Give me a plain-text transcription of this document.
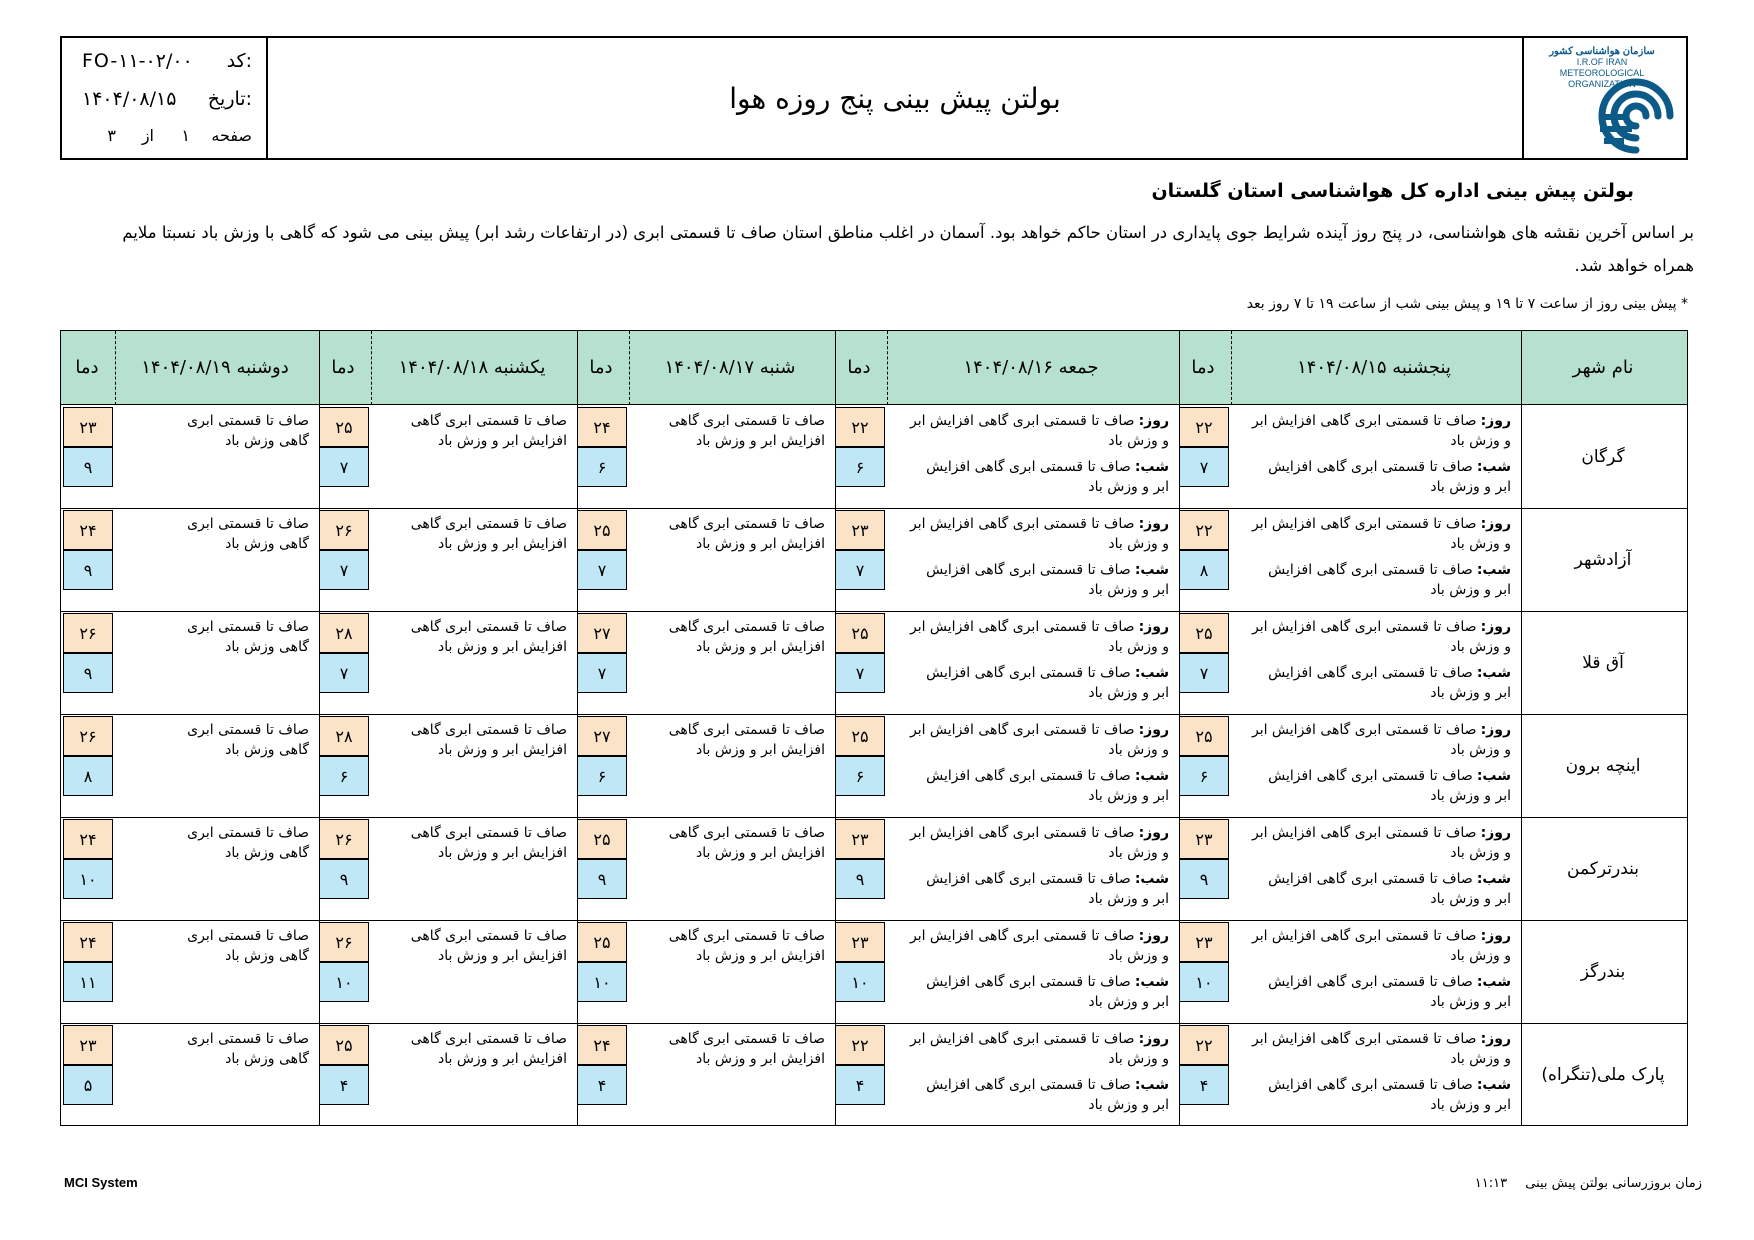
کد:
FO-۱۱-۰۲/۰۰
تاریخ:
۱۴۰۴/۰۸/۱۵
صفحه
۱
از
۳
بولتن پیش بینی پنج روزه هوا
سازمان هواشناسی کشور
I.R.OF IRAN
METEOROLOGICAL
ORGANIZATION
بولتن پیش بینی اداره کل هواشناسی استان گلستان
بر اساس آخرین نقشه های هواشناسی، در پنج روز آینده شرایط جوی پایداری در استان حاکم خواهد بود. آسمان در اغلب مناطق استان صاف تا قسمتی ابری (در ارتفاعات رشد ابر) پیش بینی می شود که گاهی با وزش باد نسبتا ملایم همراه خواهد شد.
* پیش بینی روز از ساعت ۷ تا ۱۹ و پیش بینی شب از ساعت ۱۹ تا ۷ روز بعد
نام شهر
پنجشنبه ۱۴۰۴/۰۸/۱۵
دما
جمعه ۱۴۰۴/۰۸/۱۶
دما
شنبه ۱۴۰۴/۰۸/۱۷
دما
یکشنبه ۱۴۰۴/۰۸/۱۸
دما
دوشنبه ۱۴۰۴/۰۸/۱۹
دما
گرگان
روز:صاف تا قسمتی ابری گاهی افزایش ابر و وزش باد
شب:صاف تا قسمتی ابری گاهی افزایش ابر و وزش باد
۲۲
۷
روز:صاف تا قسمتی ابری گاهی افزایش ابر و وزش باد
شب:صاف تا قسمتی ابری گاهی افزایش ابر و وزش باد
۲۲
۶
صاف تا قسمتی ابری گاهی افزایش ابر و وزش باد
۲۴
۶
صاف تا قسمتی ابری گاهی افزایش ابر و وزش باد
۲۵
۷
صاف تا قسمتی ابری گاهی وزش باد
۲۳
۹
آزادشهر
روز:صاف تا قسمتی ابری گاهی افزایش ابر و وزش باد
شب:صاف تا قسمتی ابری گاهی افزایش ابر و وزش باد
۲۲
۸
روز:صاف تا قسمتی ابری گاهی افزایش ابر و وزش باد
شب:صاف تا قسمتی ابری گاهی افزایش ابر و وزش باد
۲۳
۷
صاف تا قسمتی ابری گاهی افزایش ابر و وزش باد
۲۵
۷
صاف تا قسمتی ابری گاهی افزایش ابر و وزش باد
۲۶
۷
صاف تا قسمتی ابری گاهی وزش باد
۲۴
۹
آق قلا
روز:صاف تا قسمتی ابری گاهی افزایش ابر و وزش باد
شب:صاف تا قسمتی ابری گاهی افزایش ابر و وزش باد
۲۵
۷
روز:صاف تا قسمتی ابری گاهی افزایش ابر و وزش باد
شب:صاف تا قسمتی ابری گاهی افزایش ابر و وزش باد
۲۵
۷
صاف تا قسمتی ابری گاهی افزایش ابر و وزش باد
۲۷
۷
صاف تا قسمتی ابری گاهی افزایش ابر و وزش باد
۲۸
۷
صاف تا قسمتی ابری گاهی وزش باد
۲۶
۹
اینچه برون
روز:صاف تا قسمتی ابری گاهی افزایش ابر و وزش باد
شب:صاف تا قسمتی ابری گاهی افزایش ابر و وزش باد
۲۵
۶
روز:صاف تا قسمتی ابری گاهی افزایش ابر و وزش باد
شب:صاف تا قسمتی ابری گاهی افزایش ابر و وزش باد
۲۵
۶
صاف تا قسمتی ابری گاهی افزایش ابر و وزش باد
۲۷
۶
صاف تا قسمتی ابری گاهی افزایش ابر و وزش باد
۲۸
۶
صاف تا قسمتی ابری گاهی وزش باد
۲۶
۸
بندرترکمن
روز:صاف تا قسمتی ابری گاهی افزایش ابر و وزش باد
شب:صاف تا قسمتی ابری گاهی افزایش ابر و وزش باد
۲۳
۹
روز:صاف تا قسمتی ابری گاهی افزایش ابر و وزش باد
شب:صاف تا قسمتی ابری گاهی افزایش ابر و وزش باد
۲۳
۹
صاف تا قسمتی ابری گاهی افزایش ابر و وزش باد
۲۵
۹
صاف تا قسمتی ابری گاهی افزایش ابر و وزش باد
۲۶
۹
صاف تا قسمتی ابری گاهی وزش باد
۲۴
۱۰
بندرگز
روز:صاف تا قسمتی ابری گاهی افزایش ابر و وزش باد
شب:صاف تا قسمتی ابری گاهی افزایش ابر و وزش باد
۲۳
۱۰
روز:صاف تا قسمتی ابری گاهی افزایش ابر و وزش باد
شب:صاف تا قسمتی ابری گاهی افزایش ابر و وزش باد
۲۳
۱۰
صاف تا قسمتی ابری گاهی افزایش ابر و وزش باد
۲۵
۱۰
صاف تا قسمتی ابری گاهی افزایش ابر و وزش باد
۲۶
۱۰
صاف تا قسمتی ابری گاهی وزش باد
۲۴
۱۱
پارک ملی(تنگراه)
روز:صاف تا قسمتی ابری گاهی افزایش ابر و وزش باد
شب:صاف تا قسمتی ابری گاهی افزایش ابر و وزش باد
۲۲
۴
روز:صاف تا قسمتی ابری گاهی افزایش ابر و وزش باد
شب:صاف تا قسمتی ابری گاهی افزایش ابر و وزش باد
۲۲
۴
صاف تا قسمتی ابری گاهی افزایش ابر و وزش باد
۲۴
۴
صاف تا قسمتی ابری گاهی افزایش ابر و وزش باد
۲۵
۴
صاف تا قسمتی ابری گاهی وزش باد
۲۳
۵
MCI System	زمان بروزرسانی بولتن پیش بینی ۱۱:۱۳
